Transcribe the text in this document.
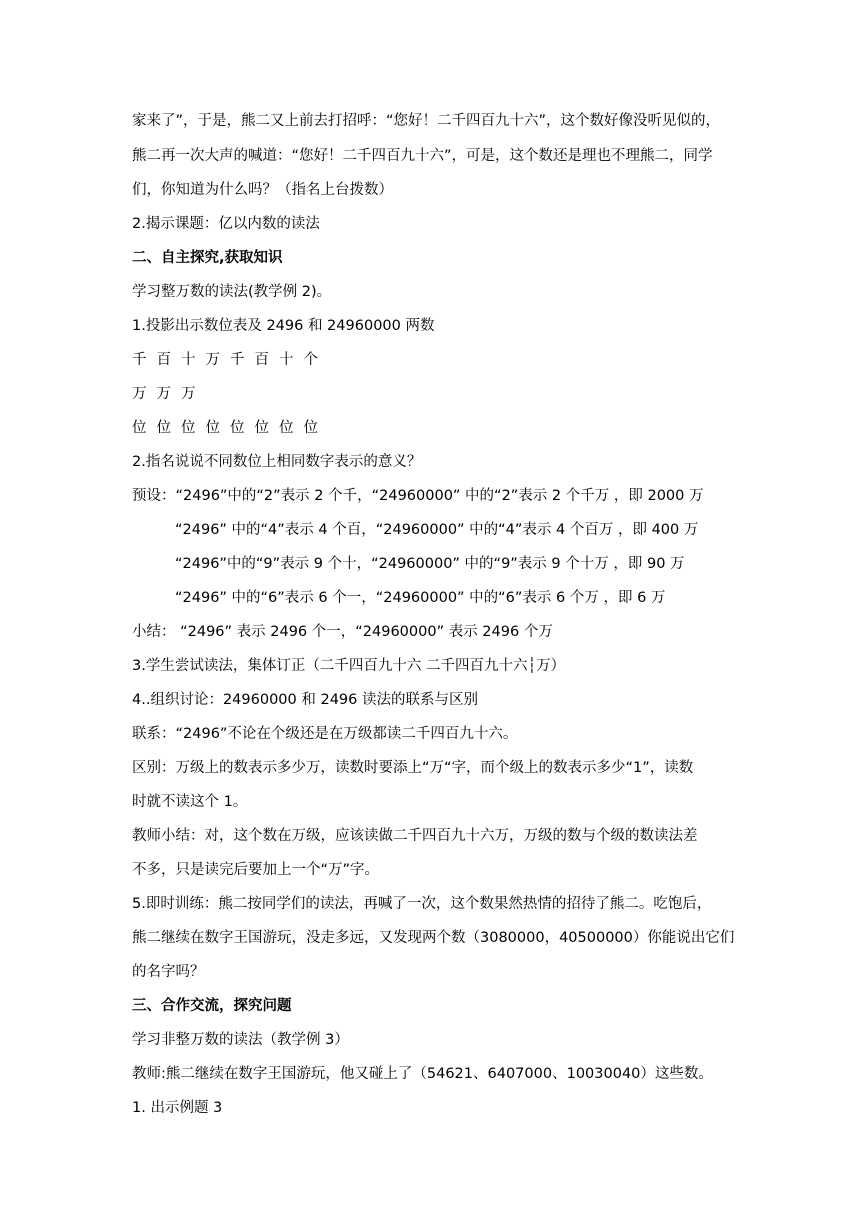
家来了”，于是，熊二又上前去打招呼：“您好！二千四百九十六”，这个数好像没听见似的，
熊二再一次大声的喊道：“您好！二千四百九十六”，可是，这个数还是理也不理熊二，同学
们，你知道为什么吗？（指名上台拨数）
2.揭示课题：亿以内数的读法
二、自主探究,获取知识
学习整万数的读法(教学例 2)。
1.投影出示数位表及 2496 和 24960000 两数
千 百 十 万 千 百 十 个
万 万 万
位 位 位 位 位 位 位 位
2.指名说说不同数位上相同数字表示的意义？
预设：“2496”中的“2”表示 2 个千，“24960000” 中的“2”表示 2 个千万 ，即 2000 万
“2496” 中的“4”表示 4 个百，“24960000” 中的“4”表示 4 个百万 ，即 400 万
“2496”中的“9”表示 9 个十，“24960000” 中的“9”表示 9 个十万 ，即 90 万
“2496” 中的“6”表示 6 个一，“24960000” 中的“6”表示 6 个万 ，即 6 万
小结： “2496” 表示 2496 个一，“24960000” 表示 2496 个万
3.学生尝试读法，集体订正（二千四百九十六 二千四百九十六┆万）
4..组织讨论：24960000 和 2496 读法的联系与区别
联系：“2496”不论在个级还是在万级都读二千四百九十六。
区别：万级上的数表示多少万，读数时要添上“万“字，而个级上的数表示多少“1”，读数
时就不读这个 1。
教师小结：对，这个数在万级，应该读做二千四百九十六万，万级的数与个级的数读法差
不多，只是读完后要加上一个“万”字。
5.即时训练：熊二按同学们的读法，再喊了一次，这个数果然热情的招待了熊二。吃饱后，
熊二继续在数字王国游玩，没走多远，又发现两个数（3080000，40500000）你能说出它们
的名字吗？
三、合作交流，探究问题
学习非整万数的读法（教学例 3）
教师:熊二继续在数字王国游玩，他又碰上了（54621、6407000、10030040）这些数。
1. 出示例题 3
